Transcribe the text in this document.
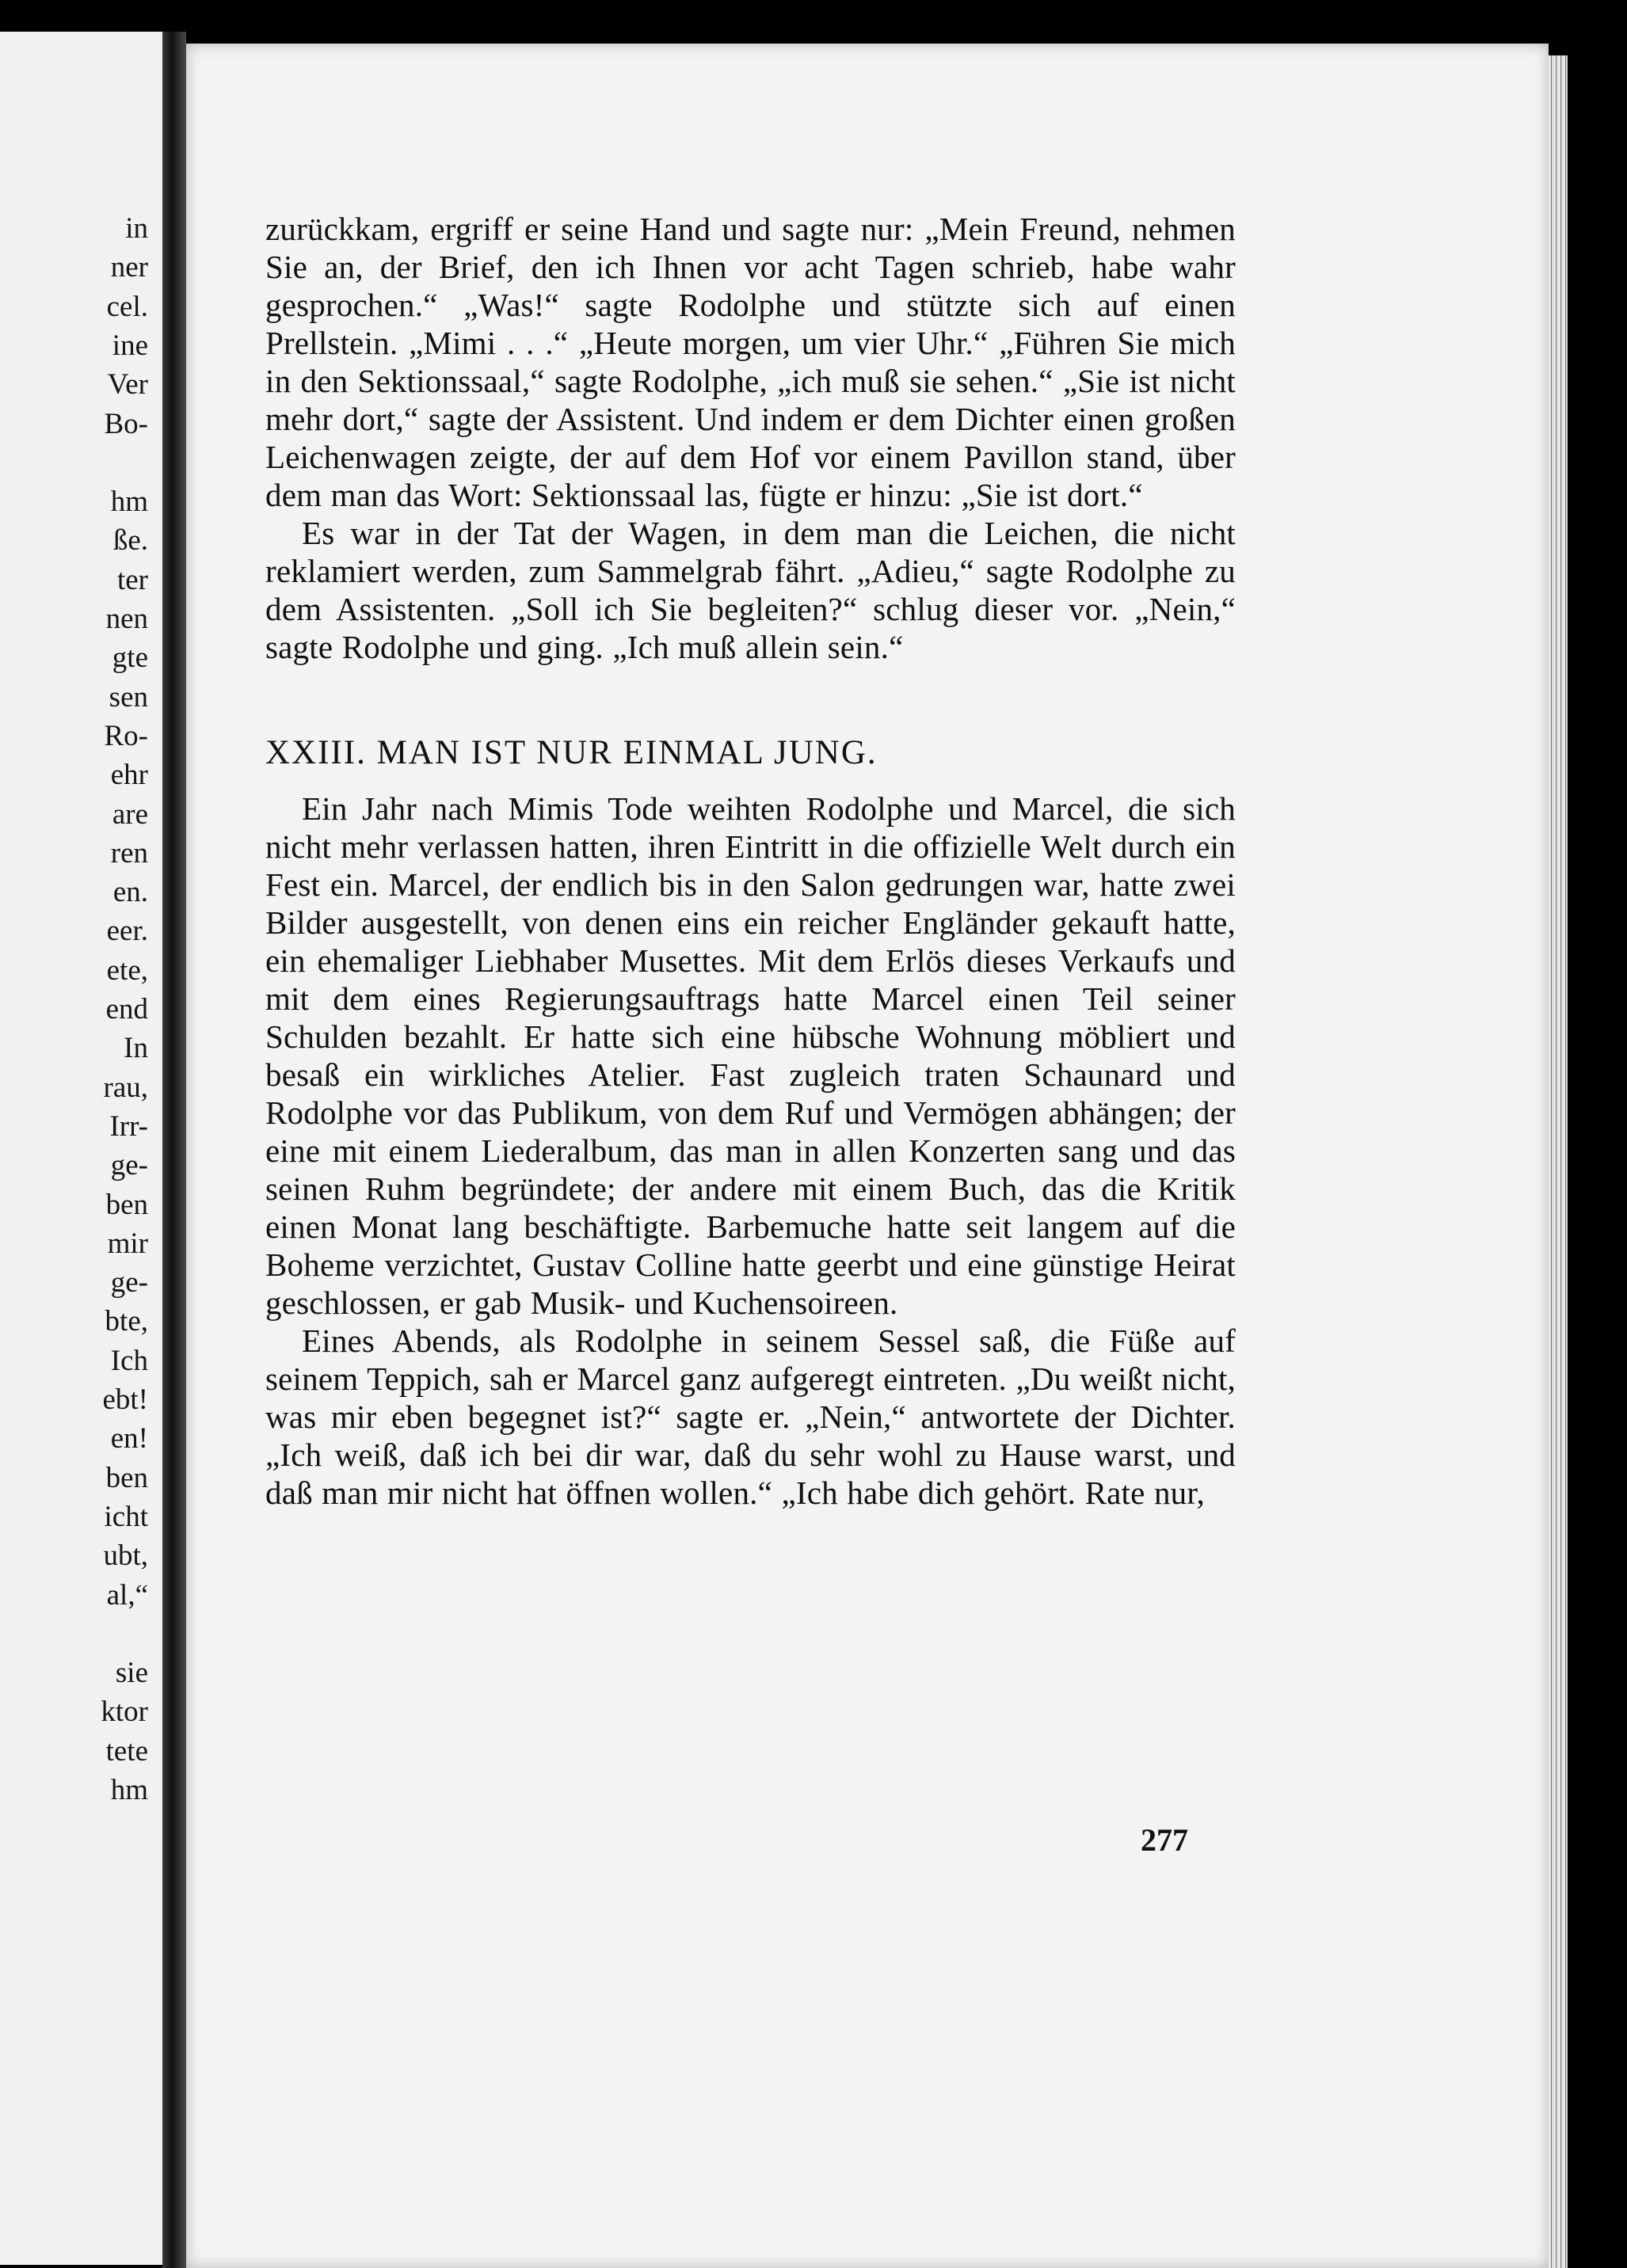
in
ner
cel.
ine
Ver
Bo-
hm
ße.
ter
nen
gte
sen
Ro-
ehr
are
ren
en.
eer.
ete,
end
In
rau,
Irr-
ge-
ben
mir
ge-
bte,
Ich
ebt!
en!
ben
icht
ubt,
al,“
sie
ktor
tete
hm

zurückkam, ergriff er seine Hand und sagte nur: „Mein Freund, nehmen Sie an, der Brief, den ich Ihnen vor acht Tagen schrieb, habe wahr gesprochen.“ „Was!“ sagte Rodolphe und stützte sich auf einen Prellstein. „Mimi . . .“ „Heute morgen, um vier Uhr.“ „Führen Sie mich in den Sektionssaal,“ sagte Rodolphe, „ich muß sie sehen.“ „Sie ist nicht mehr dort,“ sagte der Assistent. Und indem er dem Dichter einen großen Leichenwagen zeigte, der auf dem Hof vor einem Pavillon stand, über dem man das Wort: Sektionssaal las, fügte er hinzu: „Sie ist dort.“

Es war in der Tat der Wagen, in dem man die Leichen, die nicht reklamiert werden, zum Sammelgrab fährt. „Adieu,“ sagte Rodolphe zu dem Assistenten. „Soll ich Sie begleiten?“ schlug dieser vor. „Nein,“ sagte Rodolphe und ging. „Ich muß allein sein.“

XXIII. MAN IST NUR EINMAL JUNG.

Ein Jahr nach Mimis Tode weihten Rodolphe und Marcel, die sich nicht mehr verlassen hatten, ihren Eintritt in die offizielle Welt durch ein Fest ein. Marcel, der endlich bis in den Salon gedrungen war, hatte zwei Bilder ausgestellt, von denen eins ein reicher Engländer gekauft hatte, ein ehemaliger Liebhaber Musettes. Mit dem Erlös dieses Verkaufs und mit dem eines Regierungsauftrags hatte Marcel einen Teil seiner Schulden bezahlt. Er hatte sich eine hübsche Wohnung möbliert und besaß ein wirkliches Atelier. Fast zugleich traten Schaunard und Rodolphe vor das Publikum, von dem Ruf und Vermögen abhängen; der eine mit einem Liederalbum, das man in allen Konzerten sang und das seinen Ruhm begründete; der andere mit einem Buch, das die Kritik einen Monat lang beschäftigte. Barbemuche hatte seit langem auf die Boheme verzichtet, Gustav Colline hatte geerbt und eine günstige Heirat geschlossen, er gab Musik- und Kuchensoireen.

Eines Abends, als Rodolphe in seinem Sessel saß, die Füße auf seinem Teppich, sah er Marcel ganz aufgeregt eintreten. „Du weißt nicht, was mir eben begegnet ist?“ sagte er. „Nein,“ antwortete der Dichter. „Ich weiß, daß ich bei dir war, daß du sehr wohl zu Hause warst, und daß man mir nicht hat öffnen wollen.“ „Ich habe dich gehört. Rate nur,

277
